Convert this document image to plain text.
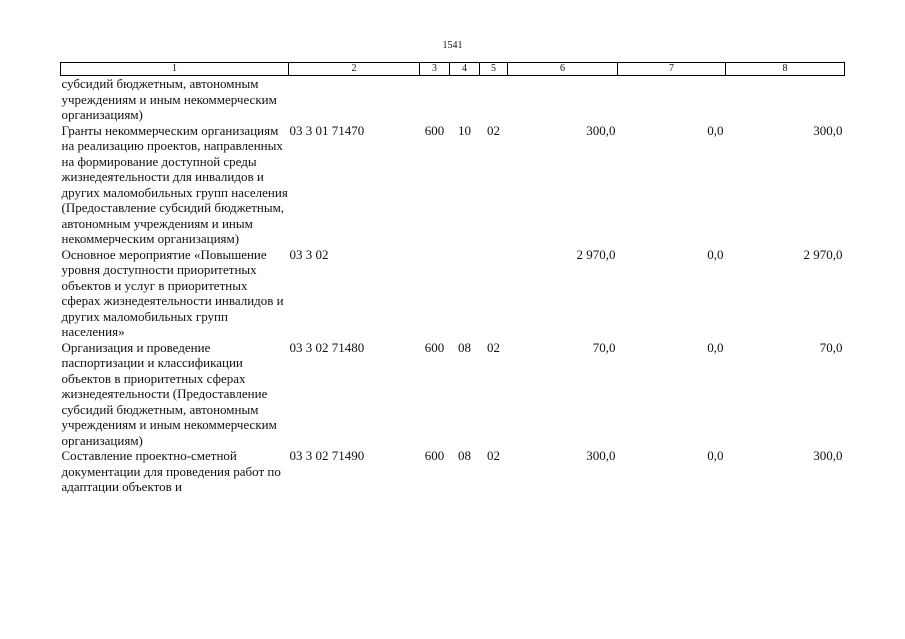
1541
1	2	3	4	5	6	7	8
субсидий бюджетным, автономным учреждениям и иным некоммерческим организациям)							
Гранты некоммерческим организациям на реализацию проектов, направленных на формирование доступной среды жизнедеятельности для инвалидов и других маломобильных групп населения (Предоставление субсидий бюджетным, автономным учреждениям и иным некоммерческим организациям)	03 3 01 71470	600	10	02	300,0	0,0	300,0
Основное мероприятие «Повышение уровня доступности приоритетных объектов и услуг в приоритетных сферах жизнедеятельности инвалидов и других маломобильных групп населения»	03 3 02				2 970,0	0,0	2 970,0
Организация и проведение паспортизации и классификации объектов в приоритетных сферах жизнедеятельности (Предоставление субсидий бюджетным, автономным учреждениям и иным некоммерческим организациям)	03 3 02 71480	600	08	02	70,0	0,0	70,0
Составление проектно-сметной документации для проведения работ по адаптации объектов и	03 3 02 71490	600	08	02	300,0	0,0	300,0
